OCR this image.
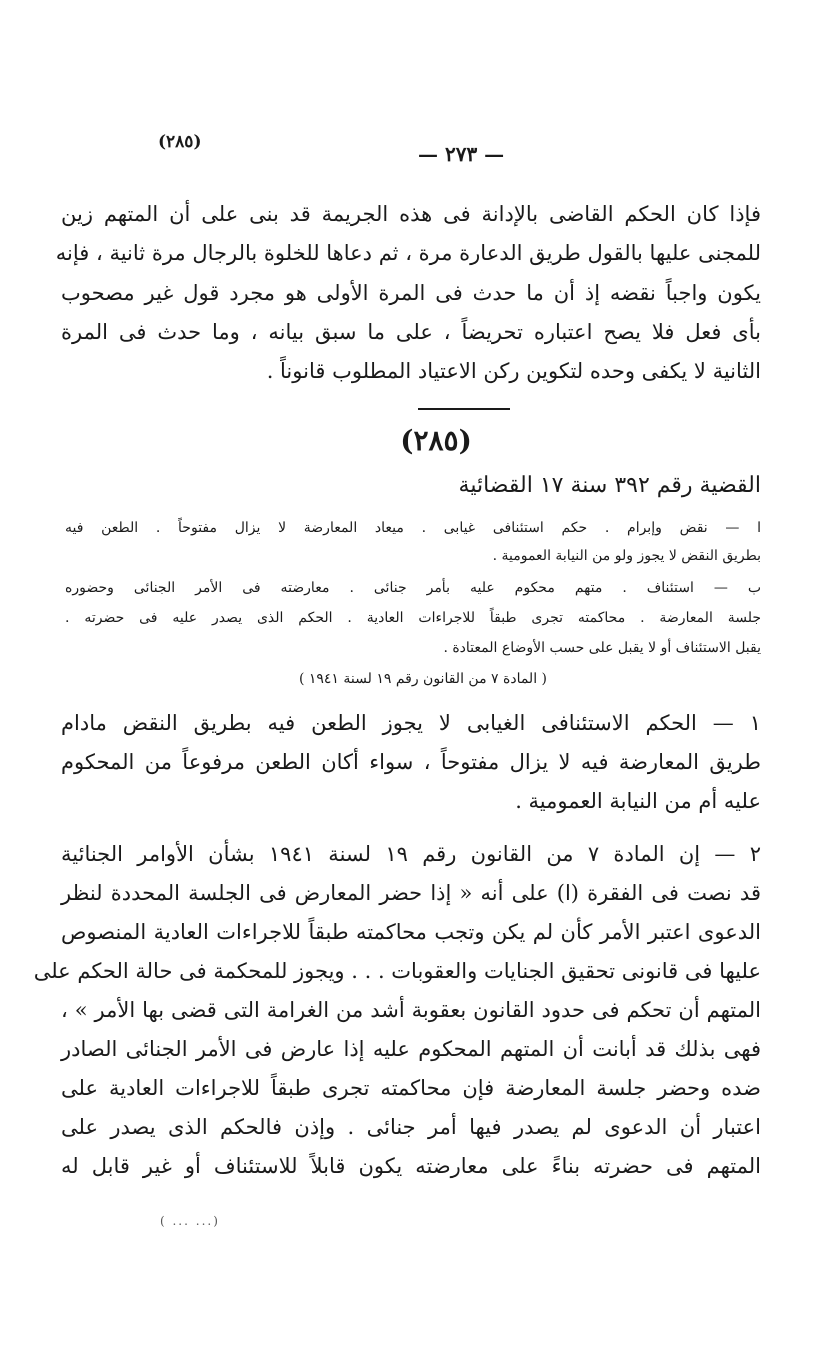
(٢٨٥)	— ٢٧٣ —
فإذا كان الحكم القاضى بالإدانة فى هذه الجريمة قد بنى على أن المتهم زين
للمجنى عليها بالقول طريق الدعارة مرة ، ثم دعاها للخلوة بالرجال مرة ثانية ، فإنه
يكون واجباً نقضه إذ أن ما حدث فى المرة الأولى هو مجرد قول غير مصحوب
بأى فعل فلا يصح اعتباره تحريضاً ، على ما سبق بيانه ، وما حدث فى المرة
الثانية لا يكفى وحده لتكوين ركن الاعتياد المطلوب قانوناً .
(٢٨٥)
القضية رقم ٣٩٢ سنة ١٧ القضائية
ا — نقض وإبرام . حكم استئنافى غيابى . ميعاد المعارضة لا يزال مفتوحاً . الطعن فيه
بطريق النقض لا يجوز ولو من النيابة العمومية .
ب — استئناف . متهم محكوم عليه بأمر جنائى . معارضته فى الأمر الجنائى وحضوره
جلسة المعارضة . محاكمته تجرى طبقاً للاجراءات العادية . الحكم الذى يصدر عليه فى حضرته .
يقبل الاستئناف أو لا يقبل على حسب الأوضاع المعتادة .
( المادة ٧ من القانون رقم ١٩ لسنة ١٩٤١ )
١ — الحكم الاستئنافى الغيابى لا يجوز الطعن فيه بطريق النقض مادام
طريق المعارضة فيه لا يزال مفتوحاً ، سواء أكان الطعن مرفوعاً من المحكوم
عليه أم من النيابة العمومية .
٢ — إن المادة ٧ من القانون رقم ١٩ لسنة ١٩٤١ بشأن الأوامر الجنائية
قد نصت فى الفقرة (ا) على أنه « إذا حضر المعارض فى الجلسة المحددة لنظر
الدعوى اعتبر الأمر كأن لم يكن وتجب محاكمته طبقاً للاجراءات العادية المنصوص
عليها فى قانونى تحقيق الجنايات والعقوبات . . . ويجوز للمحكمة فى حالة الحكم على
المتهم أن تحكم فى حدود القانون بعقوبة أشد من الغرامة التى قضى بها الأمر » ،
فهى بذلك قد أبانت أن المتهم المحكوم عليه إذا عارض فى الأمر الجنائى الصادر
ضده وحضر جلسة المعارضة فإن محاكمته تجرى طبقاً للاجراءات العادية على
اعتبار أن الدعوى لم يصدر فيها أمر جنائى . وإذن فالحكم الذى يصدر على
المتهم فى حضرته بناءً على معارضته يكون قابلاً للاستئناف أو غير قابل له
( ... ...)
